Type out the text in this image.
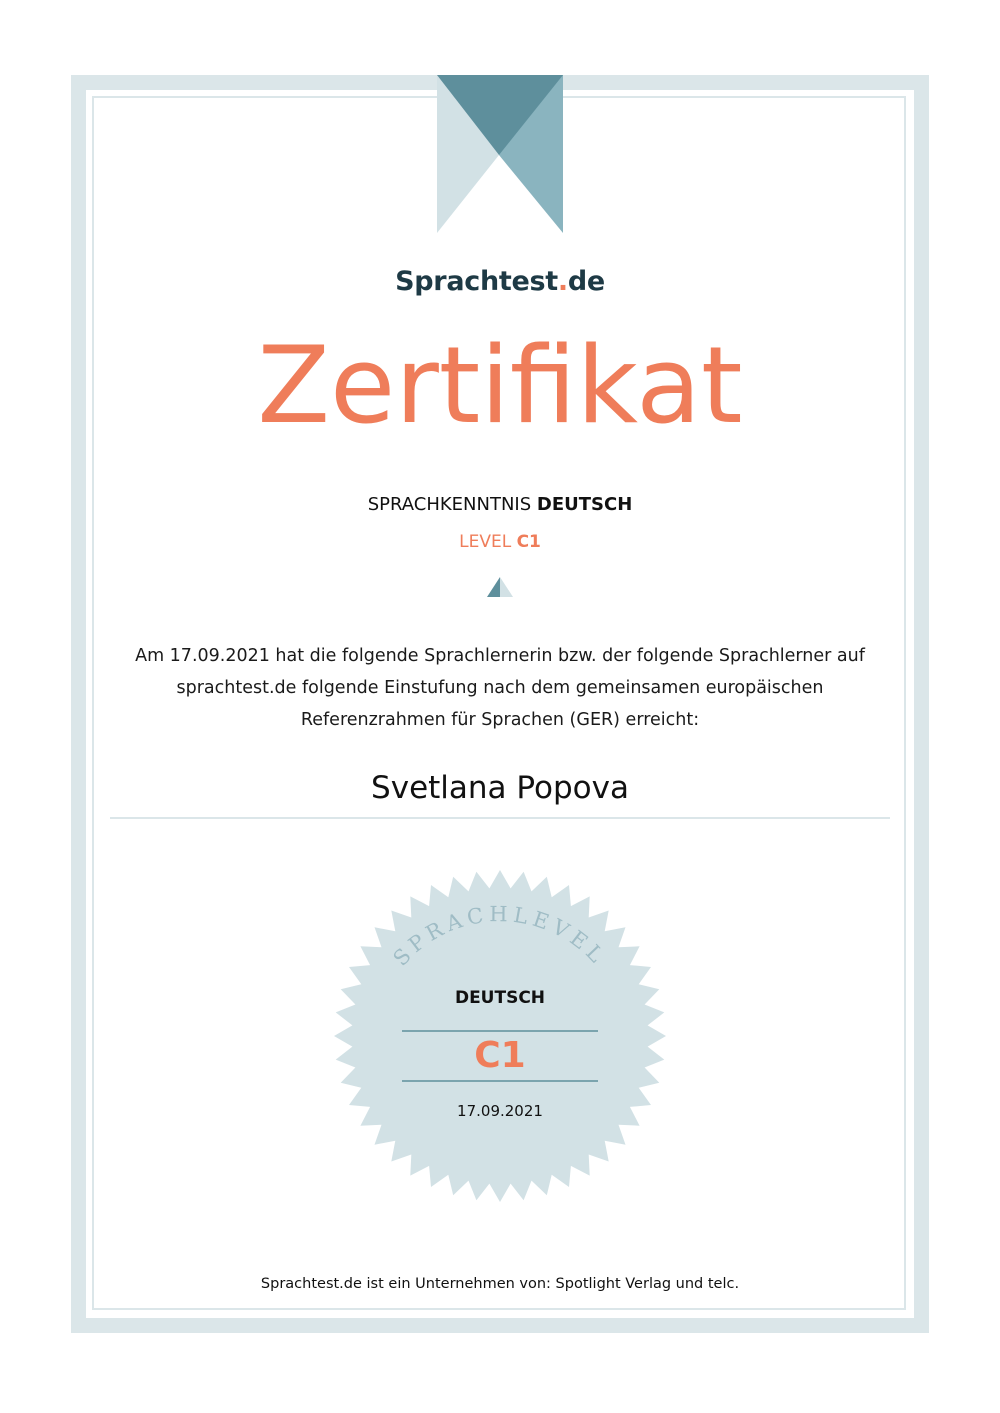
Sprachtest.de
Zertifikat
SPRACHKENNTNIS DEUTSCH
LEVEL C1
Am 17.09.2021 hat die folgende Sprachlernerin bzw. der folgende Sprachlerner auf
sprachtest.de folgende Einstufung nach dem gemeinsamen europäischen
Referenzrahmen für Sprachen (GER) erreicht:
Svetlana Popova
SPRACHLEVEL
DEUTSCH
C1
17.09.2021
Sprachtest.de ist ein Unternehmen von: Spotlight Verlag und telc.
